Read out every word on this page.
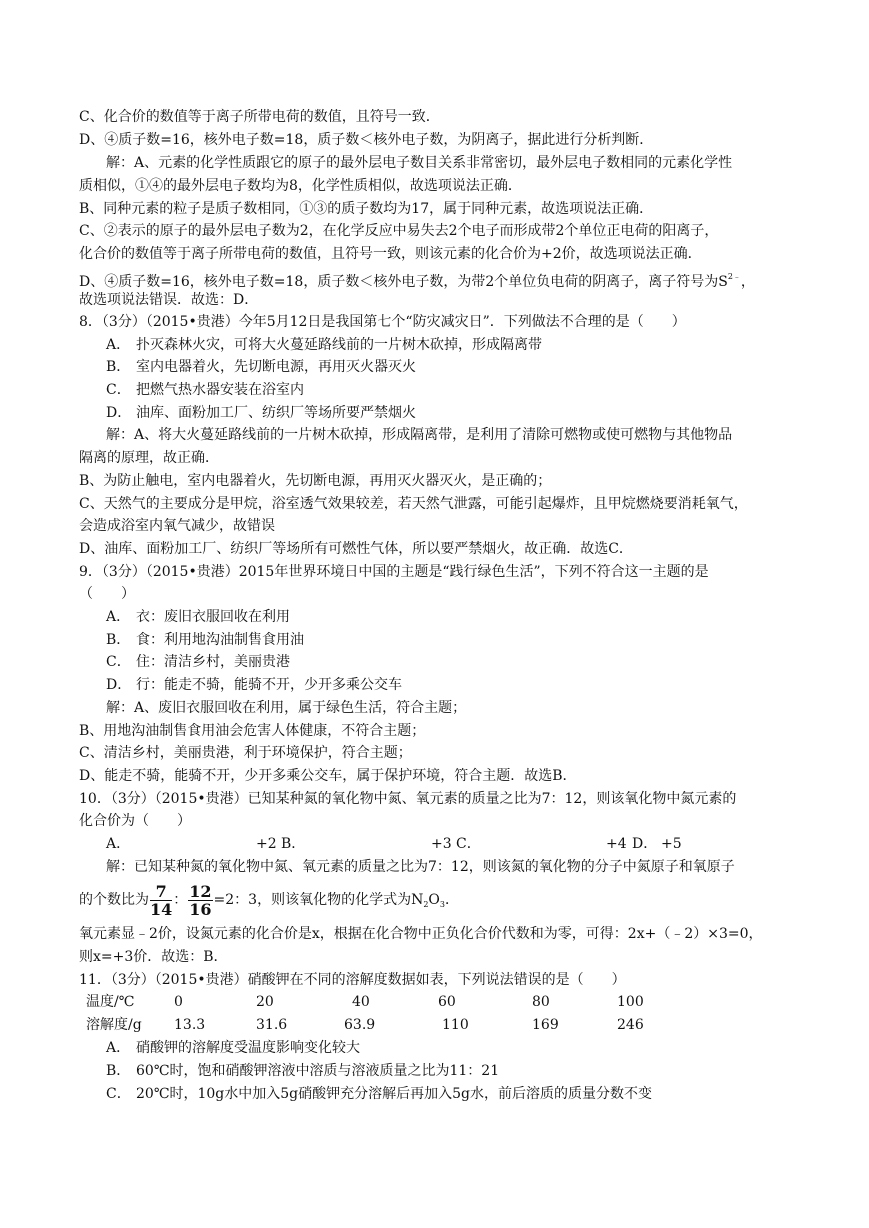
C、化合价的数值等于离子所带电荷的数值，且符号一致．
D、④质子数=16，核外电子数=18，质子数＜核外电子数，为阴离子，据此进行分析判断．
解：A、元素的化学性质跟它的原子的最外层电子数目关系非常密切，最外层电子数相同的元素化学性
质相似，①④的最外层电子数均为8，化学性质相似，故选项说法正确．
B、同种元素的粒子是质子数相同，①③的质子数均为17，属于同种元素，故选项说法正确．
C、②表示的原子的最外层电子数为2，在化学反应中易失去2个电子而形成带2个单位正电荷的阳离子，
化合价的数值等于离子所带电荷的数值，且符号一致，则该元素的化合价为+2价，故选项说法正确．
D、④质子数=16，核外电子数=18，质子数＜核外电子数，为带2个单位负电荷的阴离子，离子符号为$S^{2﹣}$，
故选项说法错误．故选：D．
8．（3分）（2015•贵港）今年5月12日是我国第七个“防灾减灾日”．下列做法不合理的是（　　）
A． 扑灭森林火灾，可将大火蔓延路线前的一片树木砍掉，形成隔离带
B． 室内电器着火，先切断电源，再用灭火器灭火
C． 把燃气热水器安装在浴室内
D． 油库、面粉加工厂、纺织厂等场所要严禁烟火
解：A、将大火蔓延路线前的一片树木砍掉，形成隔离带，是利用了清除可燃物或使可燃物与其他物品
隔离的原理，故正确．
B、为防止触电，室内电器着火，先切断电源，再用灭火器灭火，是正确的；
C、天然气的主要成分是甲烷，浴室透气效果较差，若天然气泄露，可能引起爆炸，且甲烷燃烧要消耗氧气，
会造成浴室内氧气减少，故错误
D、油库、面粉加工厂、纺织厂等场所有可燃性气体，所以要严禁烟火，故正确．故选C．
9．（3分）（2015•贵港）2015年世界环境日中国的主题是“践行绿色生活”，下列不符合这一主题的是
（　　）
A． 衣：废旧衣服回收在利用
B． 食：利用地沟油制售食用油
C． 住：清洁乡村，美丽贵港
D． 行：能走不骑，能骑不开，少开多乘公交车
解：A、废旧衣服回收在利用，属于绿色生活，符合主题；
B、用地沟油制售食用油会危害人体健康，不符合主题；
C、清洁乡村，美丽贵港，利于环境保护，符合主题；
D、能走不骑，能骑不开，少开多乘公交车，属于保护环境，符合主题．故选B．
10．（3分）（2015•贵港）已知某种氮的氧化物中氮、氧元素的质量之比为7：12，则该氧化物中氮元素的
化合价为（　　）
A．	+2 B．	+3 C．	+4 D． +5
解：已知某种氮的氧化物中氮、氧元素的质量之比为7：12，则该氮的氧化物的分子中氮原子和氧原子
的个数比为 $\frac{7}{14}$ ： $\frac{12}{16} =2$：3，则该氧化物的化学式为$N_2O_3$．
氧元素显﹣2价，设氮元素的化合价是x，根据在化合物中正负化合价代数和为零，可得：2x+（﹣2）×3=0，
则x=+3价．故选：B．
11．（3分）（2015•贵港）硝酸钾在不同的溶解度数据如表，下列说法错误的是（　　）
温度/℃	0	20	40	60	80	100
溶解度/g 13.3	31.6	63.9	110	169	246
A． 硝酸钾的溶解度受温度影响变化较大
B． 60℃时，饱和硝酸钾溶液中溶质与溶液质量之比为11：21
C． 20℃时，10g水中加入5g硝酸钾充分溶解后再加入5g水，前后溶质的质量分数不变
